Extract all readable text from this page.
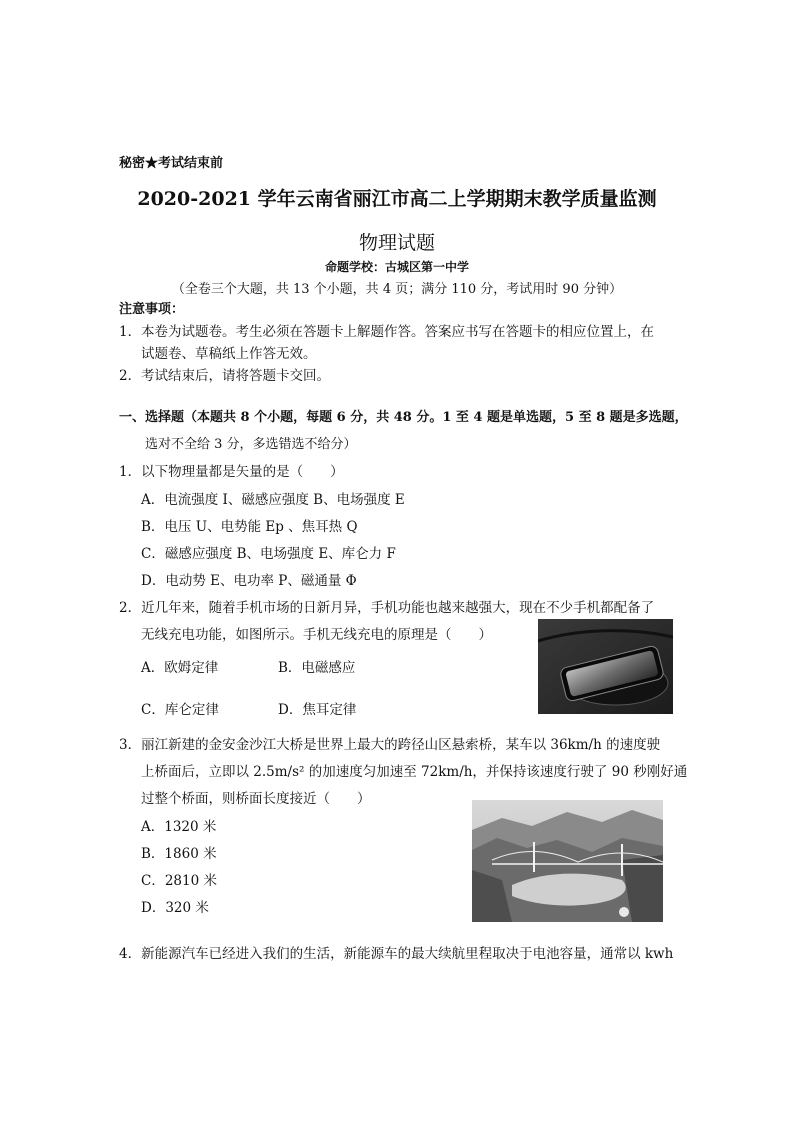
秘密★考试结束前
2020-2021 学年云南省丽江市高二上学期期末教学质量监测
物理试题
命题学校：古城区第一中学
（全卷三个大题，共 13 个小题，共 4 页；满分 110 分，考试用时 90 分钟）
注意事项：
1． 本卷为试题卷。考生必须在答题卡上解题作答。答案应书写在答题卡的相应位置上，在
试题卷、草稿纸上作答无效。
2． 考试结束后，请将答题卡交回。
一、选择题（本题共 8 个小题，每题 6 分，共 48 分。1 至 4 题是单选题，5 至 8 题是多选题，
选对不全给 3 分，多选错选不给分）
1．以下物理量都是矢量的是（　　）
A．电流强度 I、磁感应强度 B、电场强度 E
B．电压 U、电势能 Ep 、焦耳热 Q
C．磁感应强度 B、电场强度 E、库仑力 F
D．电动势 E、电功率 P、磁通量 Φ
2．近几年来，随着手机市场的日新月异，手机功能也越来越强大，现在不少手机都配备了
无线充电功能，如图所示。手机无线充电的原理是（　　）
A．欧姆定律	B．电磁感应
C．库仑定律	D．焦耳定律
3．丽江新建的金安金沙江大桥是世界上最大的跨径山区悬索桥，某车以 36km/h 的速度驶
上桥面后，立即以 2.5m/s² 的加速度匀加速至 72km/h，并保持该速度行驶了 90 秒刚好通
过整个桥面，则桥面长度接近（　　）
A．1320 米
B．1860 米
C．2810 米
D．320 米
4．新能源汽车已经进入我们的生活，新能源车的最大续航里程取决于电池容量，通常以 kwh
